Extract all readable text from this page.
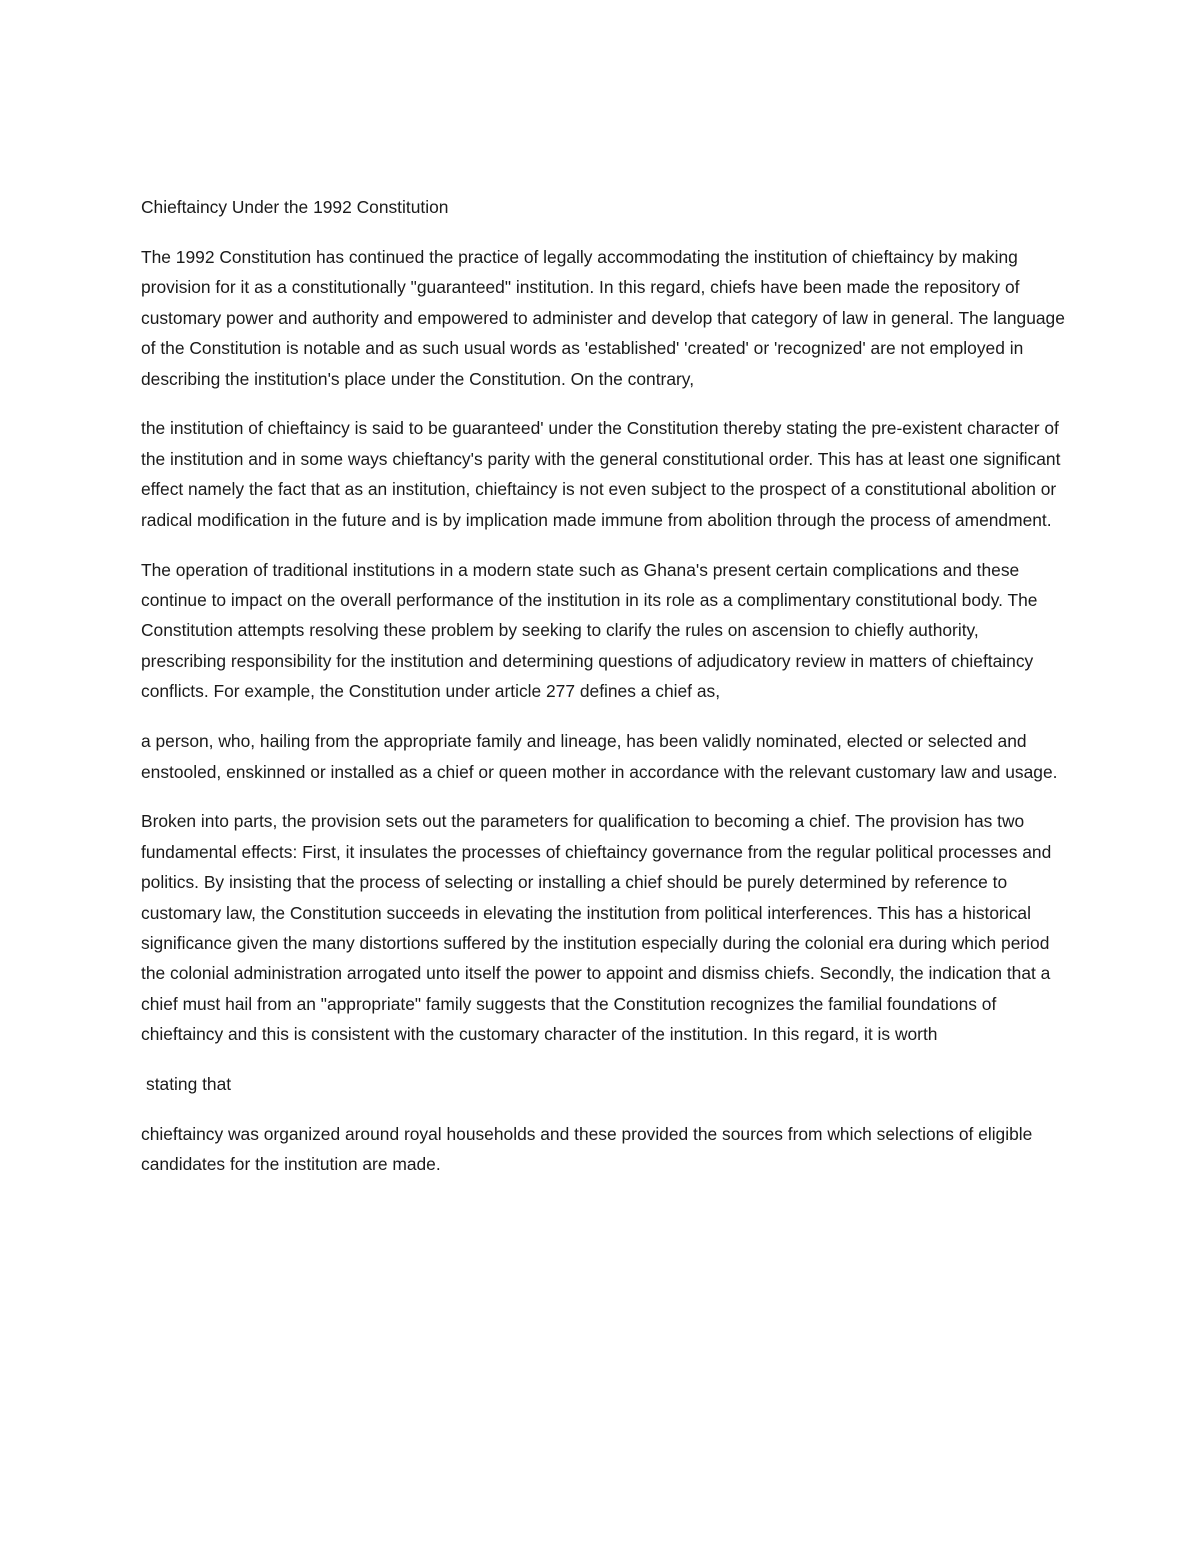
Chieftaincy Under the 1992 Constitution

The 1992 Constitution has continued the practice of legally accommodating the institution of chieftaincy by making provision for it as a constitutionally "guaranteed" institution. In this regard, chiefs have been made the repository of customary power and authority and empowered to administer and develop that category of law in general. The language of the Constitution is notable and as such usual words as 'established' 'created' or 'recognized' are not employed in describing the institution's place under the Constitution. On the contrary,

the institution of chieftaincy is said to be guaranteed' under the Constitution thereby stating the pre-existent character of the institution and in some ways chieftancy's parity with the general constitutional order. This has at least one significant effect namely the fact that as an institution, chieftaincy is not even subject to the prospect of a constitutional abolition or radical modification in the future and is by implication made immune from abolition through the process of amendment.

The operation of traditional institutions in a modern state such as Ghana's present certain complications and these continue to impact on the overall performance of the institution in its role as a complimentary constitutional body. The Constitution attempts resolving these problem by seeking to clarify the rules on ascension to chiefly authority, prescribing responsibility for the institution and determining questions of adjudicatory review in matters of chieftaincy conflicts. For example, the Constitution under article 277 defines a chief as,

a person, who, hailing from the appropriate family and lineage, has been validly nominated, elected or selected and enstooled, enskinned or installed as a chief or queen mother in accordance with the relevant customary law and usage.

Broken into parts, the provision sets out the parameters for qualification to becoming a chief. The provision has two fundamental effects: First, it insulates the processes of chieftaincy governance from the regular political processes and politics. By insisting that the process of selecting or installing a chief should be purely determined by reference to customary law, the Constitution succeeds in elevating the institution from political interferences. This has a historical significance given the many distortions suffered by the institution especially during the colonial era during which period the colonial administration arrogated unto itself the power to appoint and dismiss chiefs. Secondly, the indication that a chief must hail from an "appropriate" family suggests that the Constitution recognizes the familial foundations of chieftaincy and this is consistent with the customary character of the institution. In this regard, it is worth

stating that

chieftaincy was organized around royal households and these provided the sources from which selections of eligible candidates for the institution are made.
